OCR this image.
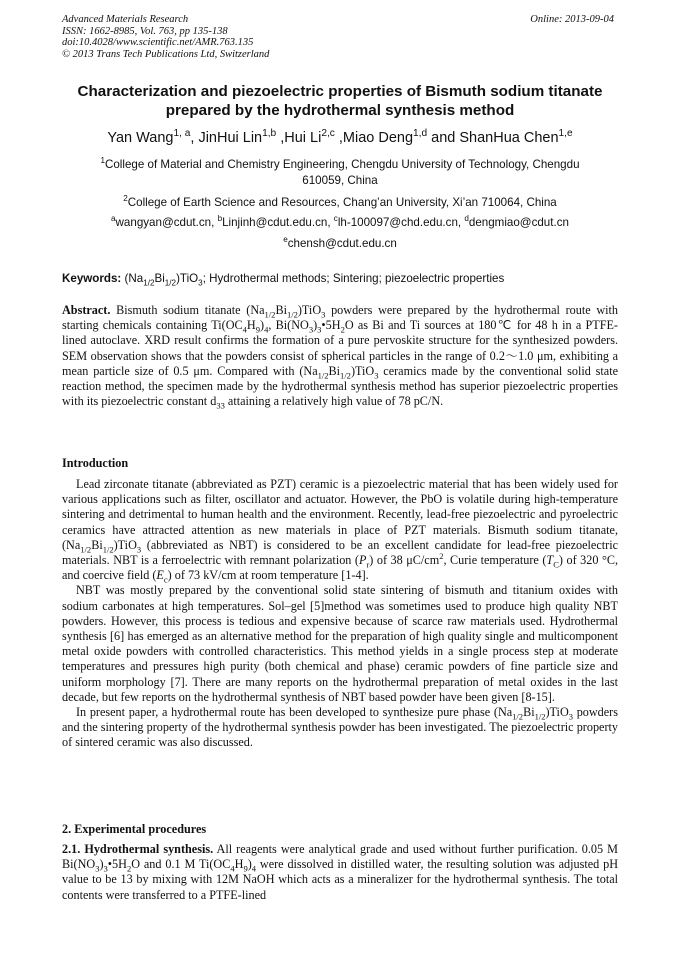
Advanced Materials Research
ISSN: 1662-8985, Vol. 763, pp 135-138
doi:10.4028/www.scientific.net/AMR.763.135
© 2013 Trans Tech Publications Ltd, Switzerland
Online: 2013-09-04
Characterization and piezoelectric properties of Bismuth sodium titanate
prepared by the hydrothermal synthesis method
Yan Wang$^{1, a}$, JinHui Lin$^{1,b}$ ,Hui Li$^{2,c}$ ,Miao Deng$^{1,d}$ and ShanHua Chen$^{1,e}$
$^1$College of Material and Chemistry Engineering, Chengdu University of Technology, Chengdu
610059, China
$^2$College of Earth Science and Resources, Chang’an University, Xi’an 710064, China
$^a$wangyan@cdut.cn, $^b$Linjinh@cdut.edu.cn, $^c$lh-100097@chd.edu.cn, $^d$dengmiao@cdut.cn
$^e$chensh@cdut.edu.cn
Keywords: $(Na_{1/2}Bi_{1/2})TiO_3$; Hydrothermal methods; Sintering; piezoelectric properties

Abstract. Bismuth sodium titanate $(Na_{1/2}Bi_{1/2})TiO_3$ powders were prepared by the hydrothermal route with starting chemicals containing $Ti(OC_4H_9)_4$, $Bi(NO_3)_3•5H_2O$ as Bi and Ti sources at 180℃ for 48 h in a PTFE-lined autoclave. XRD result confirms the formation of a pure pervoskite structure for the synthesized powders. SEM observation shows that the powders consist of spherical particles in the range of 0.2～1.0 μm, exhibiting a mean particle size of 0.5 μm. Compared with $(Na_{1/2}Bi_{1/2})TiO_3$ ceramics made by the conventional solid state reaction method, the specimen made by the hydrothermal synthesis method has superior piezoelectric properties with its piezoelectric constant $d_{33}$ attaining a relatively high value of 78 pC/N.

Introduction

Lead zirconate titanate (abbreviated as PZT) ceramic is a piezoelectric material that has been widely used for various applications such as filter, oscillator and actuator. However, the PbO is volatile during high-temperature sintering and detrimental to human health and the environment. Recently, lead-free piezoelectric and pyroelectric ceramics have attracted attention as new materials in place of PZT materials. Bismuth sodium titanate, $(Na_{1/2}Bi_{1/2})TiO_3$ (abbreviated as NBT) is considered to be an excellent candidate for lead-free piezoelectric materials. NBT is a ferroelectric with remnant polarization $(P_r)$ of 38 $\mu C/cm^2$, Curie temperature $(T_C)$ of 320 °C, and coercive field $(E_c)$ of 73 kV/cm at room temperature [1-4].

NBT was mostly prepared by the conventional solid state sintering of bismuth and titanium oxides with sodium carbonates at high temperatures. Sol–gel [5]method was sometimes used to produce high quality NBT powders. However, this process is tedious and expensive because of scarce raw materials used. Hydrothermal synthesis [6] has emerged as an alternative method for the preparation of high quality single and multicomponent metal oxide powders with controlled characteristics. This method yields in a single process step at moderate temperatures and pressures high purity (both chemical and phase) ceramic powders of fine particle size and uniform morphology [7]. There are many reports on the hydrothermal preparation of metal oxides in the last decade, but few reports on the hydrothermal synthesis of NBT based powder have been given [8-15].

In present paper, a hydrothermal route has been developed to synthesize pure phase $(Na_{1/2}Bi_{1/2})TiO_3$ powders and the sintering property of the hydrothermal synthesis powder has been investigated. The piezoelectric property of sintered ceramic was also discussed.

2. Experimental procedures

2.1. Hydrothermal synthesis. All reagents were analytical grade and used without further purification. 0.05 M $Bi(NO_3)_3•5H_2O$ and 0.1 M $Ti(OC_4H_9)_4$ were dissolved in distilled water, the resulting solution was adjusted pH value to be 13 by mixing with 12M NaOH which acts as a mineralizer for the hydrothermal synthesis. The total contents were transferred to a PTFE-lined
